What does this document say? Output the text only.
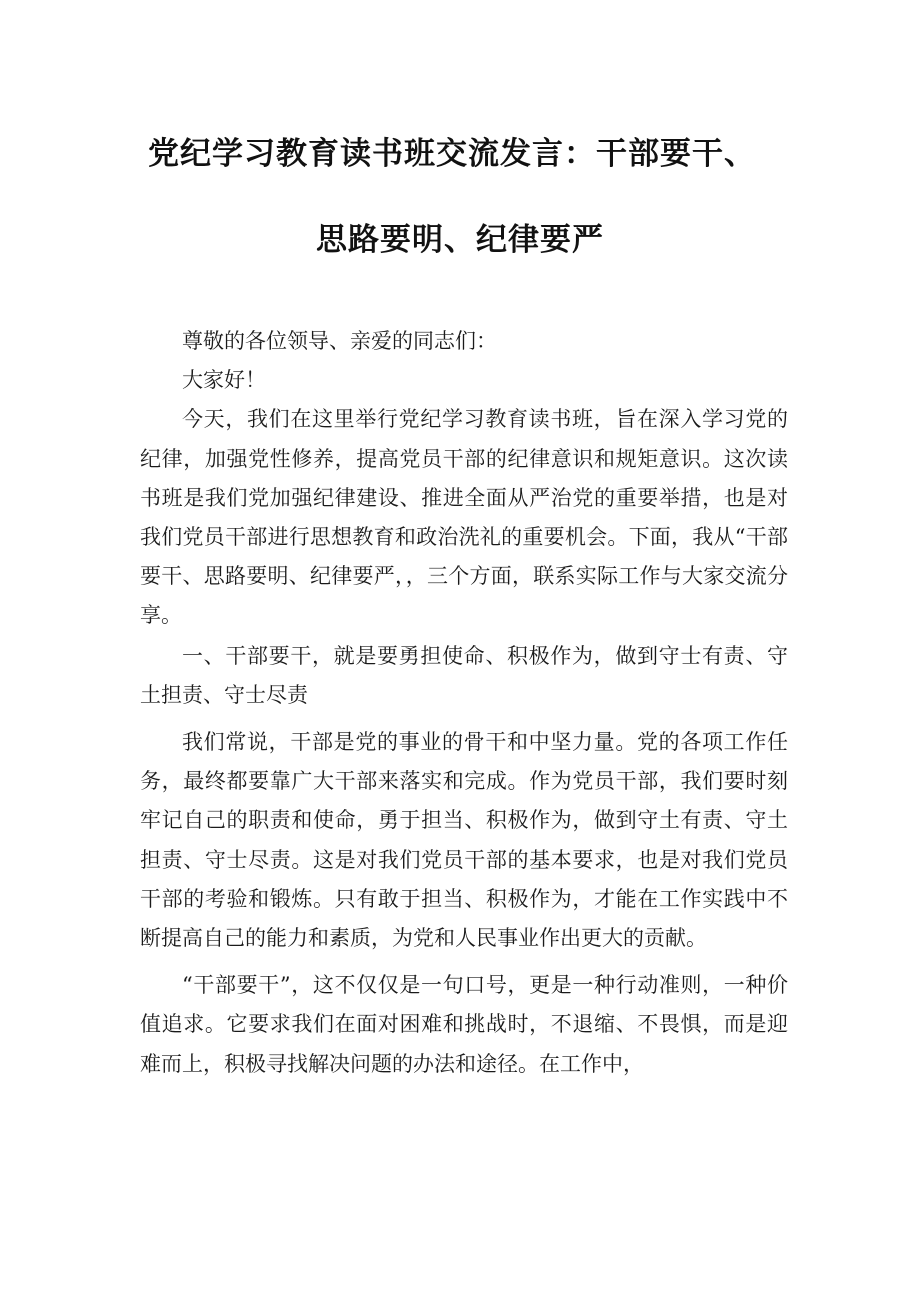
党纪学习教育读书班交流发言：干部要干、
思路要明、纪律要严

尊敬的各位领导、亲爱的同志们：

大家好！

今天，我们在这里举行党纪学习教育读书班，旨在深入学习党的纪律，加强党性修养，提高党员干部的纪律意识和规矩意识。这次读书班是我们党加强纪律建设、推进全面从严治党的重要举措，也是对我们党员干部进行思想教育和政治洗礼的重要机会。下面，我从“干部要干、思路要明、纪律要严，，三个方面，联系实际工作与大家交流分享。

一、干部要干，就是要勇担使命、积极作为，做到守士有责、守土担责、守士尽责

我们常说，干部是党的事业的骨干和中坚力量。党的各项工作任务，最终都要靠广大干部来落实和完成。作为党员干部，我们要时刻牢记自己的职责和使命，勇于担当、积极作为，做到守土有责、守土担责、守士尽责。这是对我们党员干部的基本要求，也是对我们党员干部的考验和锻炼。只有敢于担当、积极作为，才能在工作实践中不断提高自己的能力和素质，为党和人民事业作出更大的贡献。

“干部要干”，这不仅仅是一句口号，更是一种行动准则，一种价值追求。它要求我们在面对困难和挑战时，不退缩、不畏惧，而是迎难而上，积极寻找解决问题的办法和途径。在工作中，
